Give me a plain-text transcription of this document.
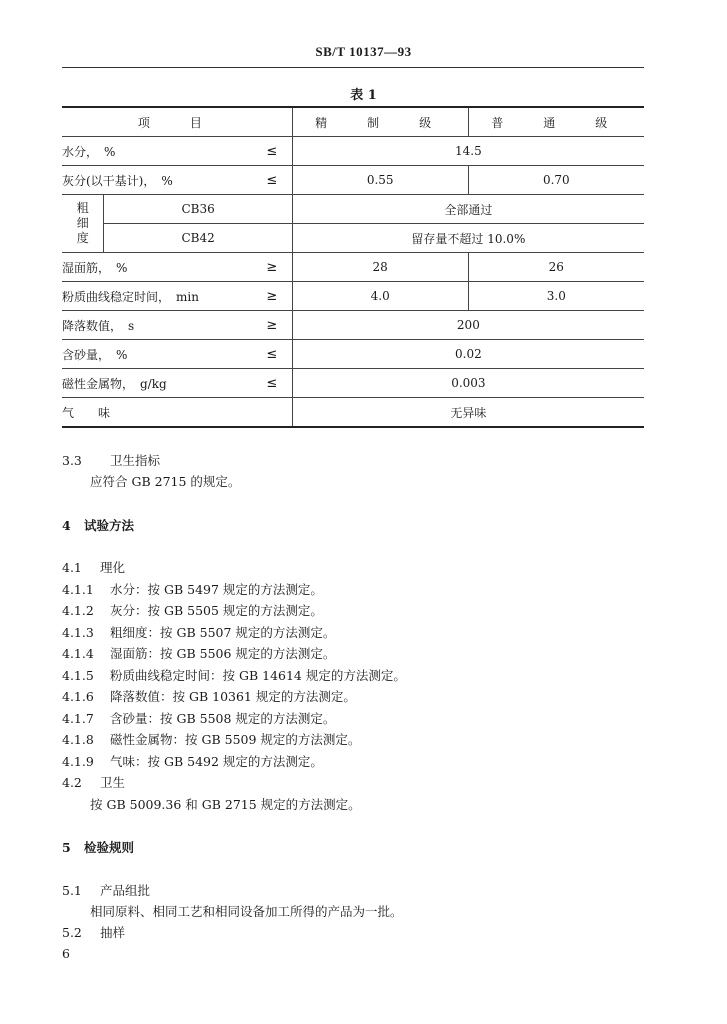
SB/T 10137—93
表 1
项　目			精　制　级	普　通　级
水分，　%		≤	14.5	
灰分(以干基计)，　%		≤	0.55	0.70

粗
细
度	CB36		全部通过	
	CB42		留存量不超过 10.0%	
湿面筋，　%		≥	28	26
粉质曲线稳定时间，　min		≥	4.0	3.0
降落数值，　s		≥	200	
含砂量，　%		≤	0.02	
磁性金属物，　g/kg		≤	0.003	
气　　味			无异味	
3.3 卫生指标
应符合 GB 2715 的规定。
4 试验方法
4.1 理化
4.1.1 水分：按 GB 5497 规定的方法测定。
4.1.2 灰分：按 GB 5505 规定的方法测定。
4.1.3 粗细度：按 GB 5507 规定的方法测定。
4.1.4 湿面筋：按 GB 5506 规定的方法测定。
4.1.5 粉质曲线稳定时间：按 GB 14614 规定的方法测定。
4.1.6 降落数值：按 GB 10361 规定的方法测定。
4.1.7 含砂量：按 GB 5508 规定的方法测定。
4.1.8 磁性金属物：按 GB 5509 规定的方法测定。
4.1.9 气味：按 GB 5492 规定的方法测定。
4.2 卫生
按 GB 5009.36 和 GB 2715 规定的方法测定。
5 检验规则
5.1 产品组批
相同原料、相同工艺和相同设备加工所得的产品为一批。
5.2 抽样
6
